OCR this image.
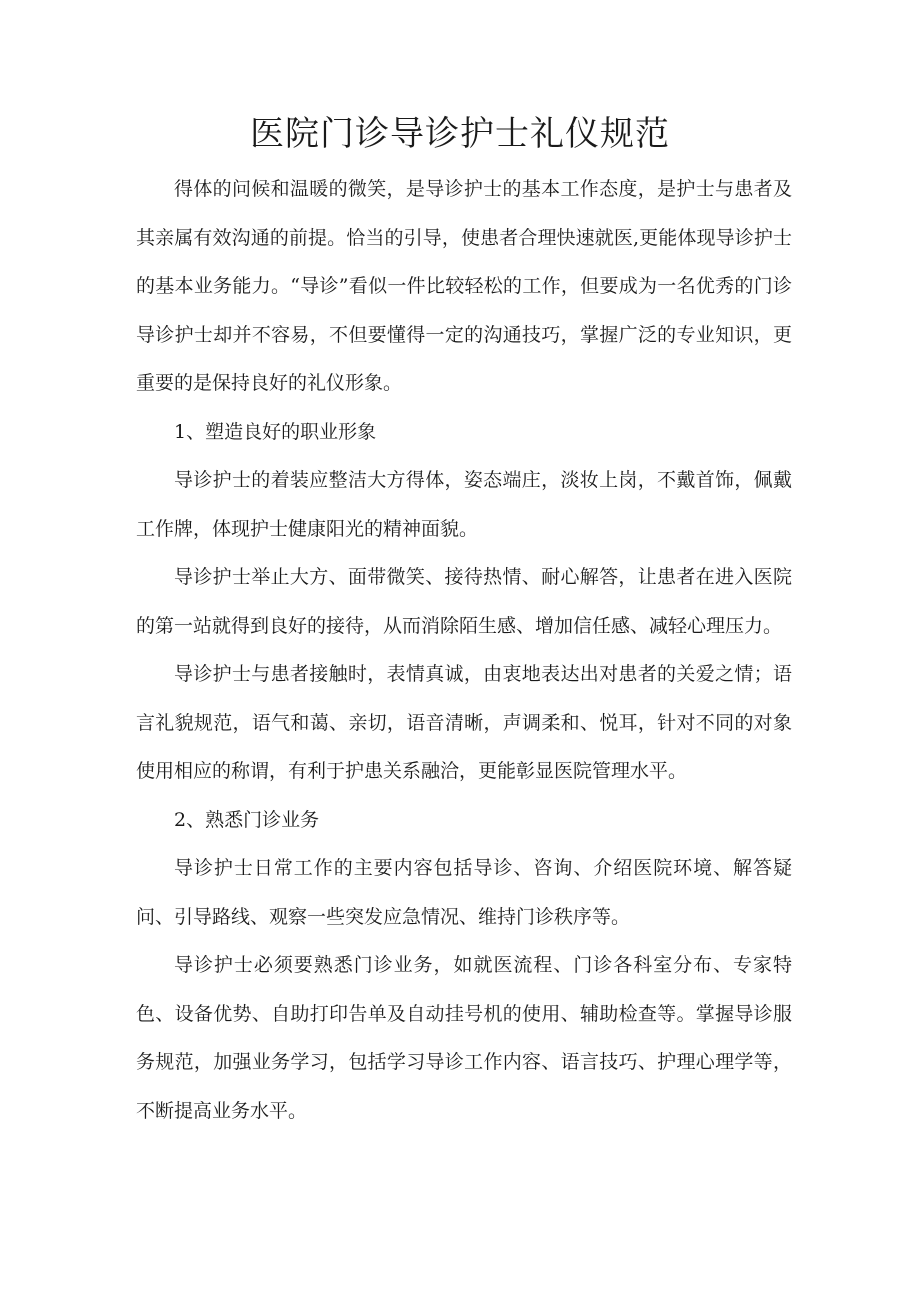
医院门诊导诊护士礼仪规范

得体的问候和温暖的微笑，是导诊护士的基本工作态度，是护士与患者及其亲属有效沟通的前提。恰当的引导，使患者合理快速就医,更能体现导诊护士的基本业务能力。“导诊”看似一件比较轻松的工作，但要成为一名优秀的门诊导诊护士却并不容易，不但要懂得一定的沟通技巧，掌握广泛的专业知识，更重要的是保持良好的礼仪形象。

1、塑造良好的职业形象

导诊护士的着装应整洁大方得体，姿态端庄，淡妆上岗，不戴首饰，佩戴工作牌，体现护士健康阳光的精神面貌。

导诊护士举止大方、面带微笑、接待热情、耐心解答，让患者在进入医院的第一站就得到良好的接待，从而消除陌生感、增加信任感、减轻心理压力。

导诊护士与患者接触时，表情真诚，由衷地表达出对患者的关爱之情；语言礼貌规范，语气和蔼、亲切，语音清晰，声调柔和、悦耳，针对不同的对象使用相应的称谓，有利于护患关系融洽，更能彰显医院管理水平。

2、熟悉门诊业务

导诊护士日常工作的主要内容包括导诊、咨询、介绍医院环境、解答疑问、引导路线、观察一些突发应急情况、维持门诊秩序等。

导诊护士必须要熟悉门诊业务，如就医流程、门诊各科室分布、专家特色、设备优势、自助打印告单及自动挂号机的使用、辅助检查等。掌握导诊服务规范，加强业务学习，包括学习导诊工作内容、语言技巧、护理心理学等，不断提高业务水平。
